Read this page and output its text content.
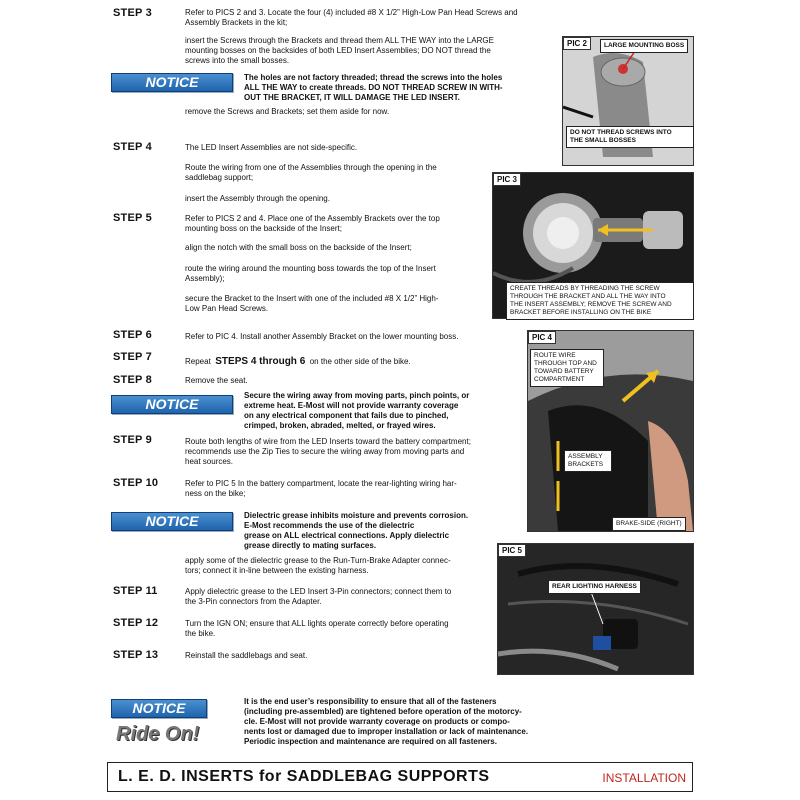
STEP 3	Refer to PICS 2 and 3. Locate the four (4) included #8 X 1/2” High-Low Pan Head Screws and
Assembly Brackets in the kit;
insert the Screws through the Brackets and thread them ALL THE WAY into the LARGE
mounting bosses on the backsides of both LED Insert Assemblies; DO NOT thread the
screws into the small bosses.
NOTICE	The holes are not factory threaded; thread the screws into the holes
ALL THE WAY to create threads. DO NOT THREAD SCREW IN WITH-
OUT THE BRACKET, IT WILL DAMAGE THE LED INSERT.
remove the Screws and Brackets; set them aside for now.
PIC 2	LARGE MOUNTING BOSS
DO NOT THREAD SCREWS INTO
THE SMALL BOSSES
STEP 4	The LED Insert Assemblies are not side-specific.
Route the wiring from one of the Assemblies through the opening in the
saddlebag support;
insert the Assembly through the opening.
PIC 3
CREATE THREADS BY THREADING THE SCREW
THROUGH THE BRACKET AND ALL THE WAY INTO
THE INSERT ASSEMBLY; REMOVE THE SCREW AND
BRACKET BEFORE INSTALLING ON THE BIKE
STEP 5	Refer to PICS 2 and 4. Place one of the Assembly Brackets over the top
mounting boss on the backside of the Insert;
align the notch with the small boss on the backside of the Insert;
route the wiring around the mounting boss towards the top of the Insert
Assembly);
secure the Bracket to the Insert with one of the included #8 X 1/2” High-
Low Pan Head Screws.
STEP 6	Refer to PIC 4. Install another Assembly Bracket on the lower mounting boss.
STEP 7	Repeat STEPS 4 through 6 on the other side of the bike.
STEP 8	Remove the seat.
NOTICE
Secure the wiring away from moving parts, pinch points, or
extreme heat. E-Most will not provide warranty coverage
on any electrical component that fails due to pinched,
crimped, broken, abraded, melted, or frayed wires.
STEP 9	Route both lengths of wire from the LED Inserts toward the battery compartment;
recommends use the Zip Ties to secure the wiring away from moving parts and
heat sources.
PIC 4
ROUTE WIRE
THROUGH TOP AND
TOWARD BATTERY
COMPARTMENT
ASSEMBLY
BRACKETS
BRAKE-SIDE (RIGHT)
STEP 10	Refer to PIC 5 In the battery compartment, locate the rear-lighting wiring har-
ness on the bike;
NOTICE	Dielectric grease inhibits moisture and prevents corrosion.
E-Most recommends the use of the dielectric
grease on ALL electrical connections. Apply dielectric
grease directly to mating surfaces.
apply some of the dielectric grease to the Run-Turn-Brake Adapter connec-
tors; connect it in-line between the existing harness.
PIC 5
REAR LIGHTING HARNESS
STEP 11	Apply dielectric grease to the LED Insert 3-Pin connectors; connect them to
the 3-Pin connectors from the Adapter.
STEP 12	Turn the IGN ON; ensure that ALL lights operate correctly before operating
the bike.
STEP 13	Reinstall the saddlebags and seat.
NOTICE
Ride On!
It is the end user’s responsibility to ensure that all of the fasteners
(including pre-assembled) are tightened before operation of the motorcy-
cle. E-Most will not provide warranty coverage on products or compo-
nents lost or damaged due to improper installation or lack of maintenance.
Periodic inspection and maintenance are required on all fasteners.
L. E. D. INSERTS for SADDLEBAG SUPPORTS	INSTALLATION
